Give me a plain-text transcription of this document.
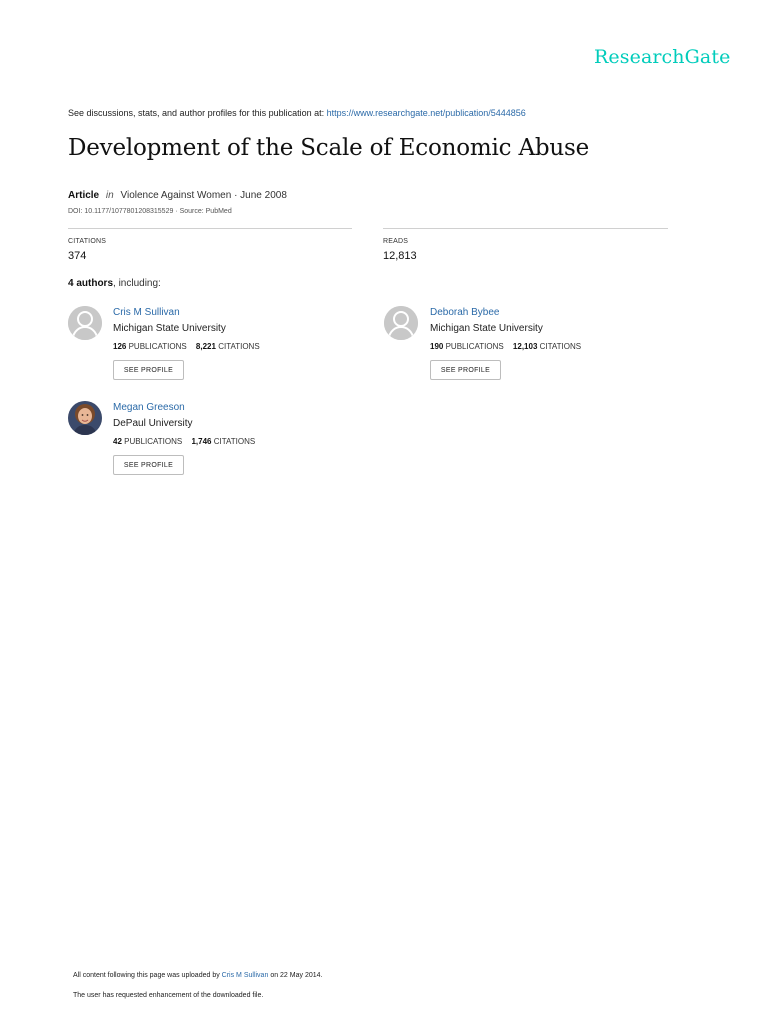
ResearchGate
See discussions, stats, and author profiles for this publication at: https://www.researchgate.net/publication/5444856
Development of the Scale of Economic Abuse
Article in Violence Against Women · June 2008
DOI: 10.1177/1077801208315529 · Source: PubMed
CITATIONS
374
READS
12,813
4 authors, including:
Cris M Sullivan
Michigan State University
126 PUBLICATIONS 8,221 CITATIONS
SEE PROFILE
Deborah Bybee
Michigan State University
190 PUBLICATIONS 12,103 CITATIONS
SEE PROFILE
Megan Greeson
DePaul University
42 PUBLICATIONS 1,746 CITATIONS
SEE PROFILE
All content following this page was uploaded by Cris M Sullivan on 22 May 2014.
The user has requested enhancement of the downloaded file.
